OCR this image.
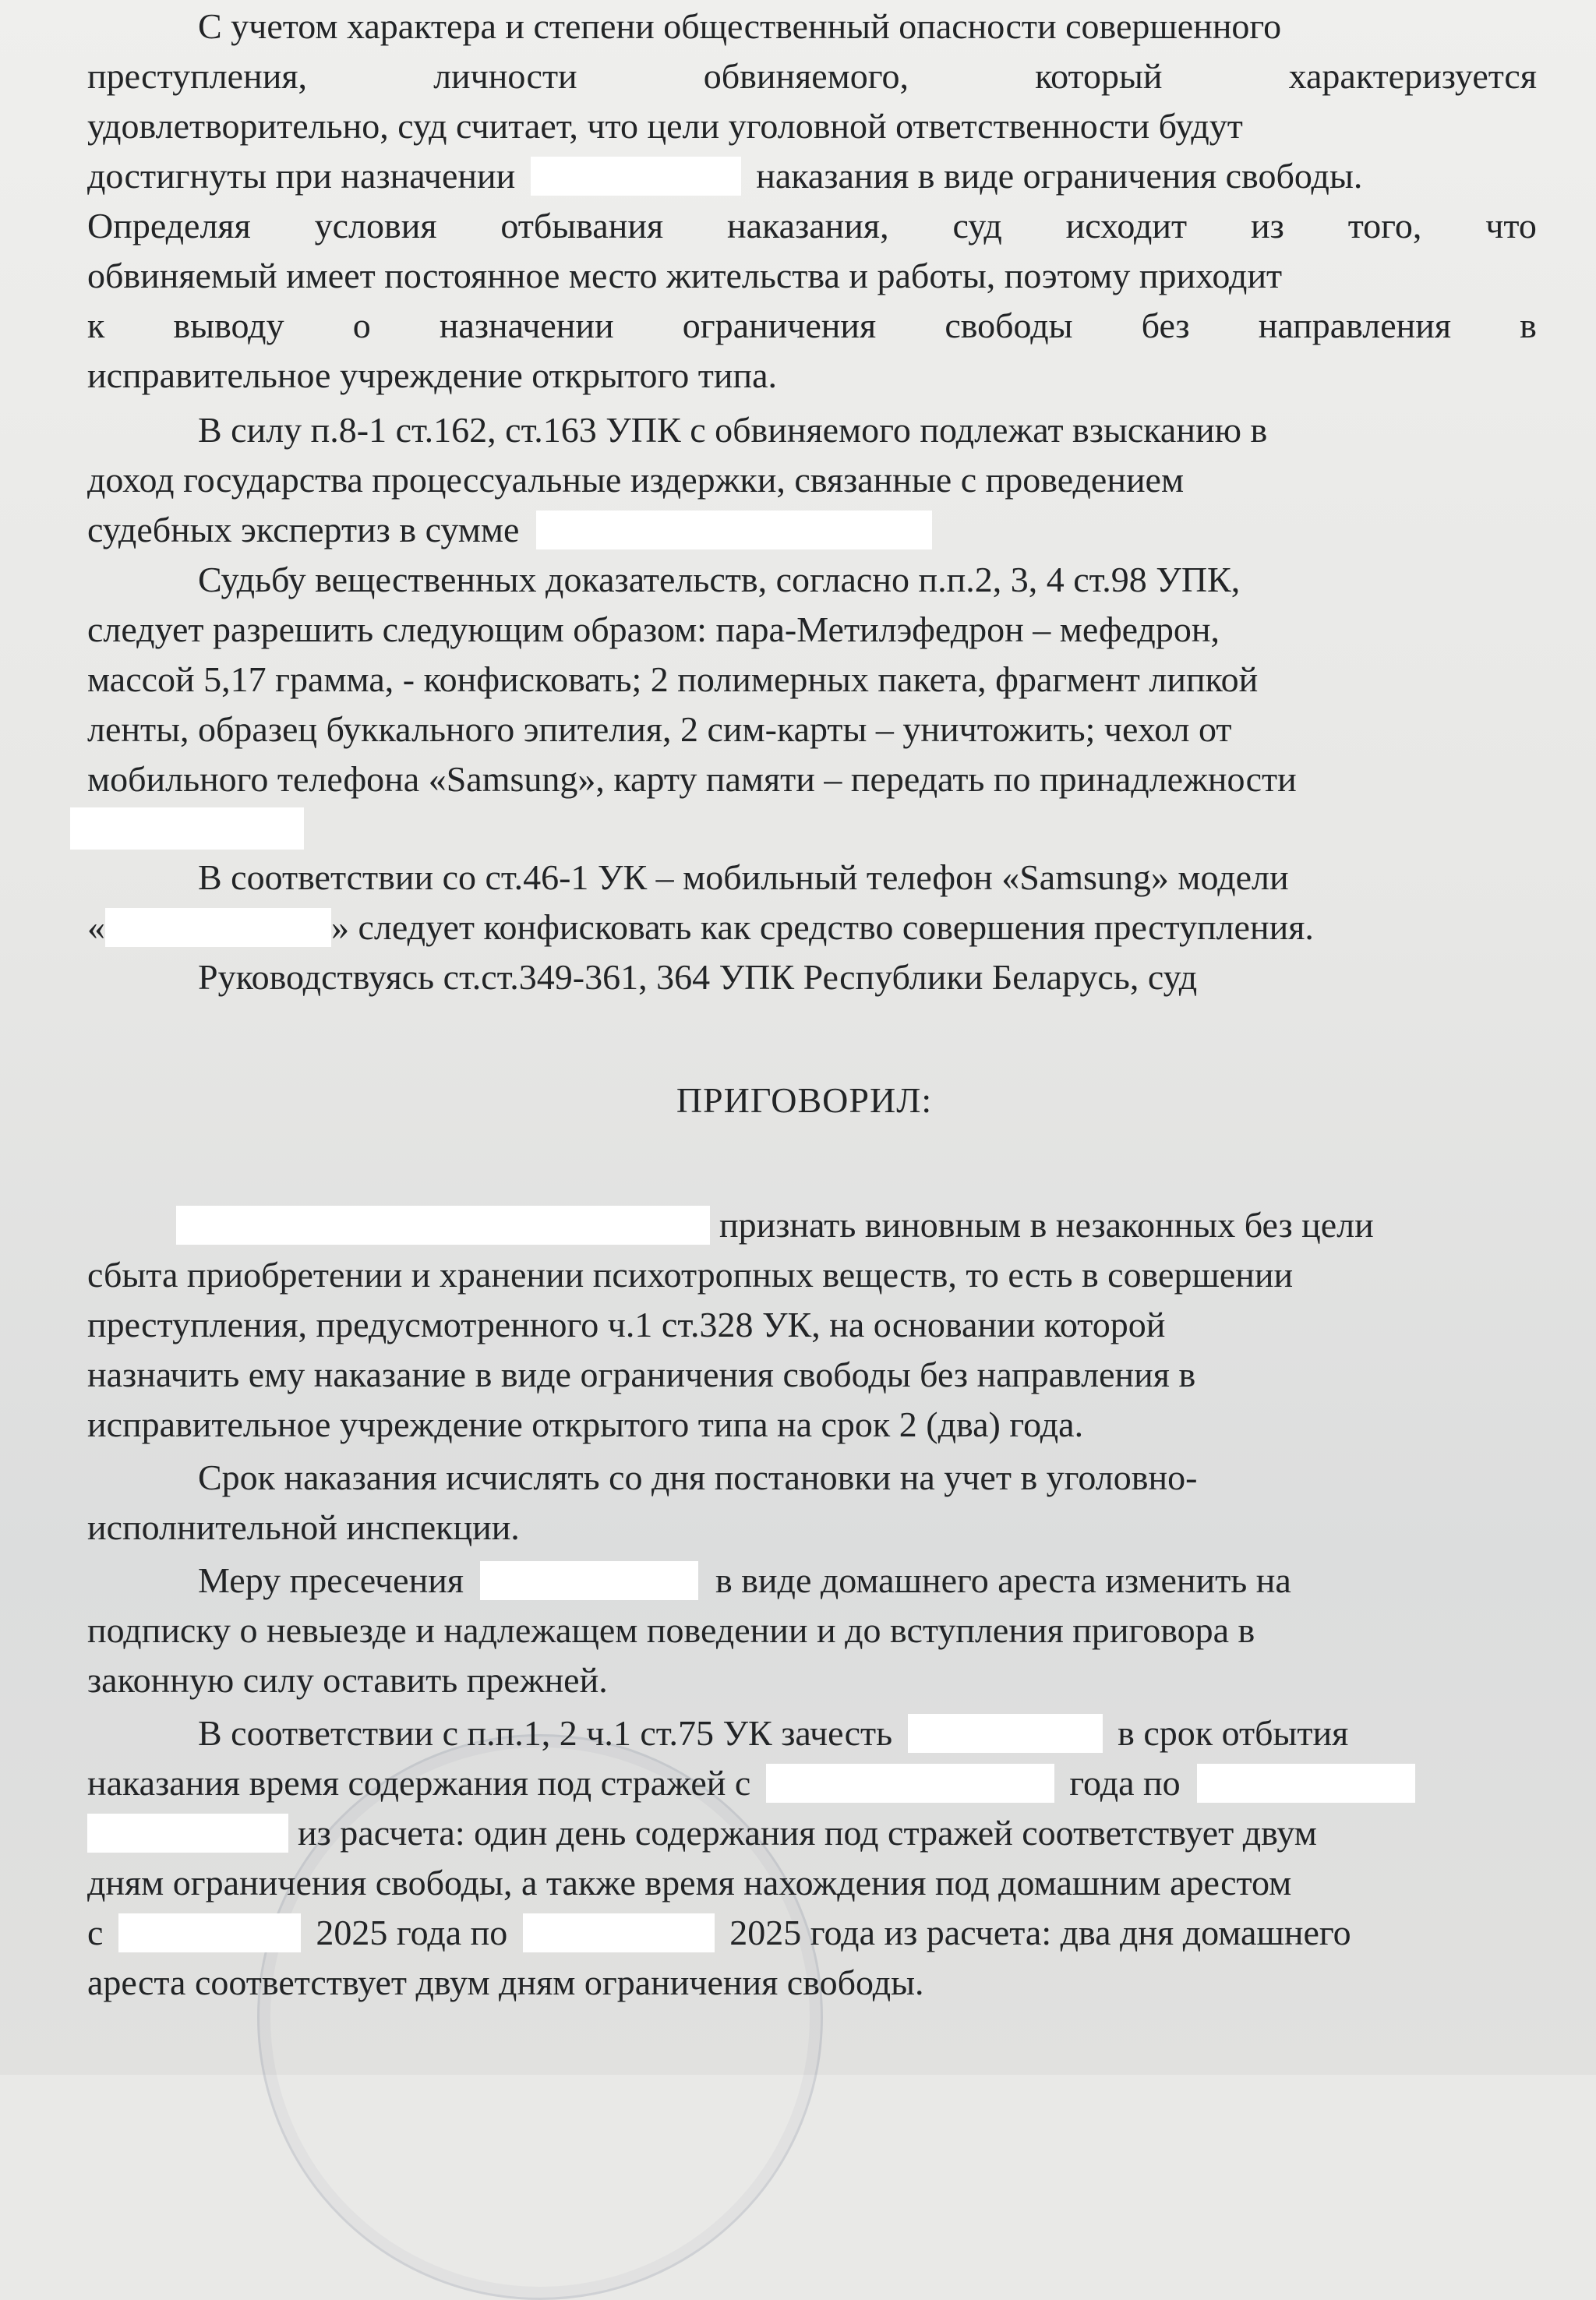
С учетом характера и степени общественный опасности совершенного
преступления,	личности	обвиняемого,	который	характеризуется
удовлетворительно, суд считает, что цели уголовной ответственности будут
достигнуты при назначении	наказания в виде ограничения свободы.
Определяя условия отбывания наказания, суд исходит из того, что
обвиняемый имеет постоянное место жительства и работы, поэтому приходит
к выводу о назначении ограничения свободы без направления в
исправительное учреждение открытого типа.
В силу п.8-1 ст.162, ст.163 УПК с обвиняемого подлежат взысканию в
доход государства процессуальные издержки, связанные с проведением
судебных экспертиз в сумме
Судьбу вещественных доказательств, согласно п.п.2, 3, 4 ст.98 УПК,
следует разрешить следующим образом: пара-Метилэфедрон – мефедрон,
массой 5,17 грамма, - конфисковать; 2 полимерных пакета, фрагмент липкой
ленты, образец буккального эпителия, 2 сим-карты – уничтожить; чехол от
мобильного телефона «Samsung», карту памяти – передать по принадлежности
В соответствии со ст.46-1 УК – мобильный телефон «Samsung» модели
«	» следует конфисковать как средство совершения преступления.
Руководствуясь ст.ст.349-361, 364 УПК Республики Беларусь, суд
ПРИГОВОРИЛ:
признать виновным в незаконных без цели
сбыта приобретении и хранении психотропных веществ, то есть в совершении
преступления, предусмотренного ч.1 ст.328 УК, на основании которой
назначить ему наказание в виде ограничения свободы без направления в
исправительное учреждение открытого типа на срок 2 (два) года.
Срок наказания исчислять со дня постановки на учет в уголовно-
исполнительной инспекции.
Меру пресечения	в виде домашнего ареста изменить на
подписку о невыезде и надлежащем поведении и до вступления приговора в
законную силу оставить прежней.
В соответствии с п.п.1, 2 ч.1 ст.75 УК зачесть	в срок отбытия
наказания время содержания под стражей с	года по
из расчета: один день содержания под стражей соответствует двум
дням ограничения свободы, а также время нахождения под домашним арестом
с	2025 года по	2025 года из расчета: два дня домашнего
ареста соответствует двум дням ограничения свободы.
